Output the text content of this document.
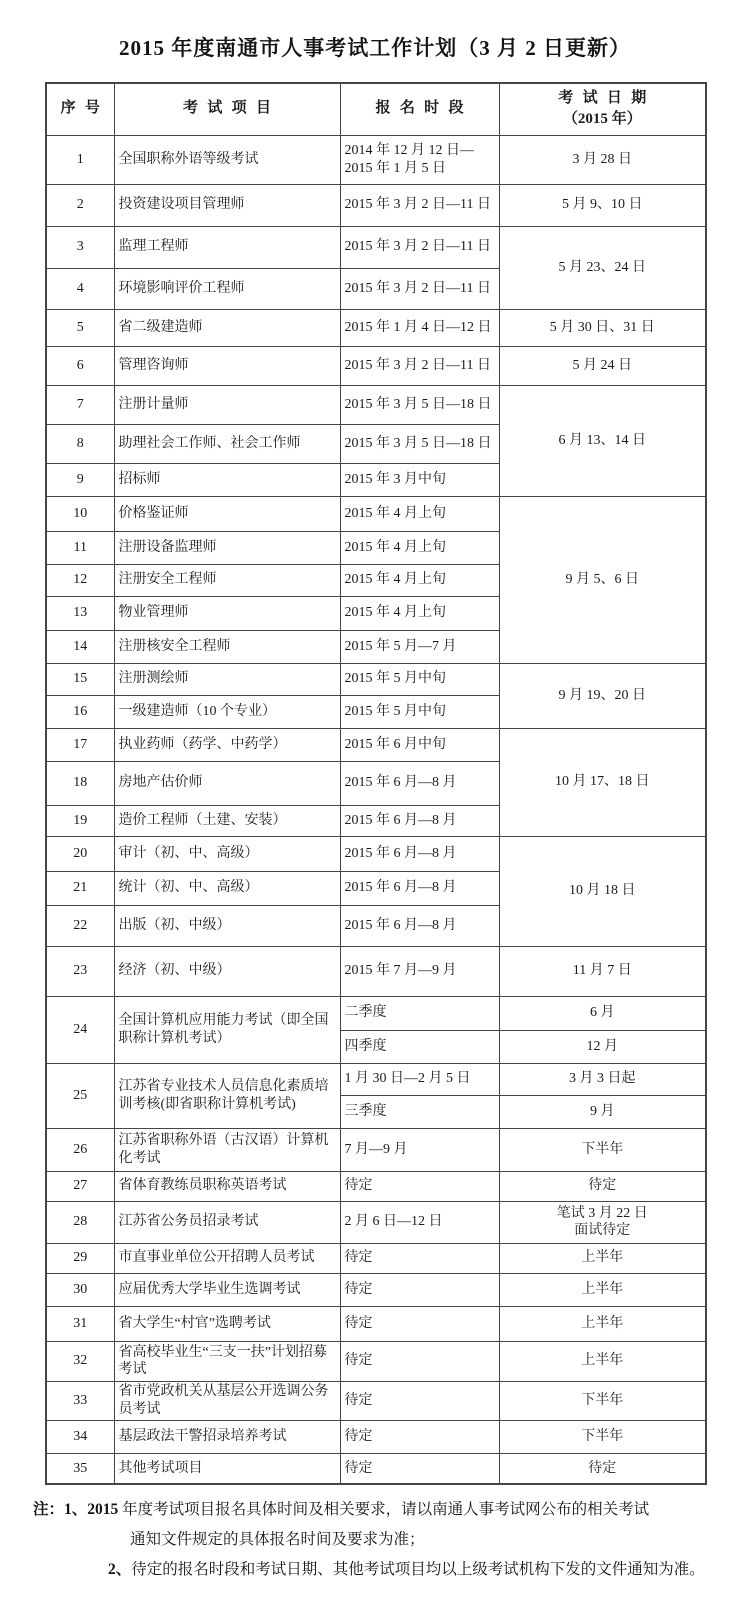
2015 年度南通市人事考试工作计划（3 月 2 日更新）
序号	考试项目	报名时段	考试日期
（2015 年）

1	全国职称外语等级考试	2014 年 12 月 12 日—2015 年 1 月 5 日	3 月 28 日
2	投资建设项目管理师	2015 年 3 月 2 日—11 日	5 月 9、10 日
3	监理工程师	2015 年 3 月 2 日—11 日	5 月 23、24 日
4	环境影响评价工程师	2015 年 3 月 2 日—11 日	
5	省二级建造师	2015 年 1 月 4 日—12 日	5 月 30 日、31 日
6	管理咨询师	2015 年 3 月 2 日—11 日	5 月 24 日
7	注册计量师	2015 年 3 月 5 日—18 日	6 月 13、14 日
8	助理社会工作师、社会工作师	2015 年 3 月 5 日—18 日	
9	招标师	2015 年 3 月中旬	
10	价格鉴证师	2015 年 4 月上旬	9 月 5、6 日
11	注册设备监理师	2015 年 4 月上旬	
12	注册安全工程师	2015 年 4 月上旬	
13	物业管理师	2015 年 4 月上旬	
14	注册核安全工程师	2015 年 5 月—7 月	
15	注册测绘师	2015 年 5 月中旬	9 月 19、20 日
16	一级建造师（10 个专业）	2015 年 5 月中旬	
17	执业药师（药学、中药学）	2015 年 6 月中旬	10 月 17、18 日
18	房地产估价师	2015 年 6 月—8 月	
19	造价工程师（土建、安装）	2015 年 6 月—8 月	
20	审计（初、中、高级）	2015 年 6 月—8 月	10 月 18 日
21	统计（初、中、高级）	2015 年 6 月—8 月	
22	出版（初、中级）	2015 年 6 月—8 月	
23	经济（初、中级）	2015 年 7 月—9 月	11 月 7 日
24	全国计算机应用能力考试（即全国职称计算机考试）	二季度	6 月
		四季度	12 月
25	江苏省专业技术人员信息化素质培训考核(即省职称计算机考试)	1 月 30 日—2 月 5 日	3 月 3 日起
		三季度	9 月
26	江苏省职称外语（古汉语）计算机化考试	7 月—9 月	下半年
27	省体育教练员职称英语考试	待定	待定
28	江苏省公务员招录考试	2 月 6 日—12 日	笔试 3 月 22 日
面试待定

29	市直事业单位公开招聘人员考试	待定	上半年
30	应届优秀大学毕业生选调考试	待定	上半年
31	省大学生“村官”选聘考试	待定	上半年
32	省高校毕业生“三支一扶”计划招募考试	待定	上半年
33	省市党政机关从基层公开选调公务员考试	待定	下半年
34	基层政法干警招录培养考试	待定	下半年
35	其他考试项目	待定	待定
注：1、2015 年度考试项目报名具体时间及相关要求，请以南通人事考试网公布的相关考试
通知文件规定的具体报名时间及要求为准；
2、待定的报名时段和考试日期、其他考试项目均以上级考试机构下发的文件通知为准。
